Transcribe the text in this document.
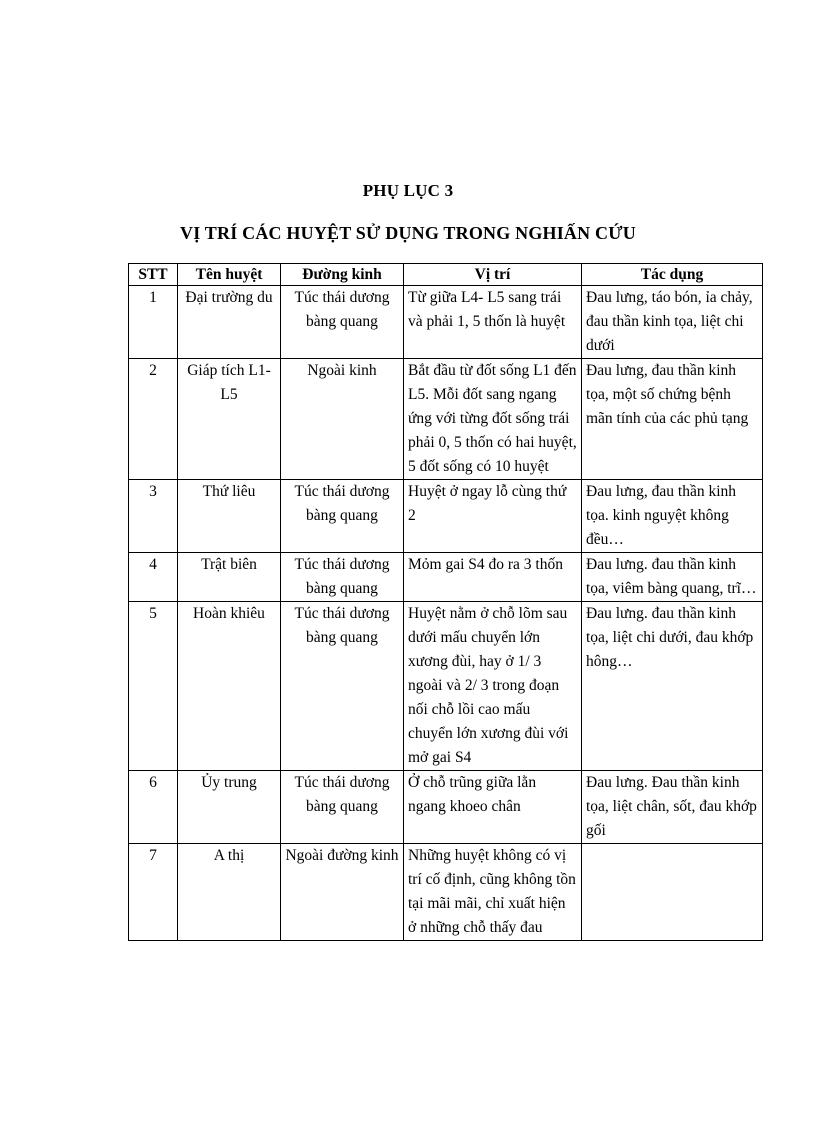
PHỤ LỤC 3
VỊ TRÍ CÁC HUYỆT SỬ DỤNG TRONG NGHIẤN CỨU
STT	Tên huyệt	Đường kinh	Vị trí	Tác dụng
1	Đại trường du	Túc thái dương bàng quang	Từ giữa L4- L5 sang trái và phải 1, 5 thốn là huyệt	Đau lưng, táo bón, ỉa chảy, đau thần kinh tọa, liệt chi dưới
2	Giáp tích L1- L5	Ngoài kinh	Bắt đầu từ đốt sống L1 đến L5. Mỗi đốt sang ngang ứng với từng đốt sống trái phải 0, 5 thốn có hai huyệt, 5 đốt sống có 10 huyệt	Đau lưng, đau thần kinh tọa, một số chứng bệnh mãn tính của các phủ tạng
3	Thứ liêu	Túc thái dương bàng quang	Huyệt ở ngay lỗ cùng thứ 2	Đau lưng, đau thần kinh tọa. kinh nguyệt không đều…
4	Trật biên	Túc thái dương bàng quang	Mỏm gai S4 đo ra 3 thốn	Đau lưng. đau thần kinh tọa, viêm bàng quang, trĩ…
5	Hoàn khiêu	Túc thái dương bàng quang	Huyệt nằm ở chỗ lõm sau dưới mấu chuyển lớn xương đùi, hay ở 1/ 3 ngoài và 2/ 3 trong đoạn nối chỗ lồi cao mấu chuyển lớn xương đùi với mở gai S4	Đau lưng. đau thần kinh tọa, liệt chi dưới, đau khớp hông…
6	Ủy trung	Túc thái dương bàng quang	Ở chỗ trũng giữa lằn ngang khoeo chân	Đau lưng. Đau thần kinh tọa, liệt chân, sốt, đau khớp gối
7	A thị	Ngoài đường kinh	Những huyệt không có vị trí cố định, cũng không tồn tại mãi mãi, chỉ xuất hiện ở những chỗ thấy đau	
